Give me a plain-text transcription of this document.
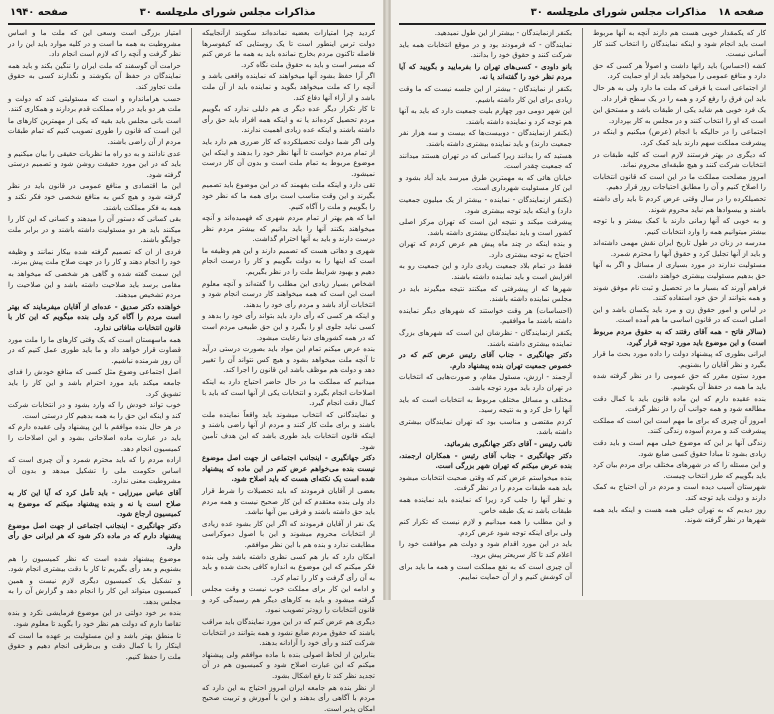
صفحه ۱۹۴۰	جلسه ۳۰
مذاکرات مجلس شورای ملی

کردید چرا امتیازات بعضیه نمانده‌اند سکوبند ازآنجاییکه دولت ترس اینطور است تا یک روستایی که کیفوسرها فاصله تاکنون مردم بخارج نمانده باید به همه ما عرض کنم که میسر است و باید به حقوق ملت نگاه کرد.

اگر آرا حفظ بشود آنها میخواهند که نماینده واقعی باشد و آنچه را که ملت میخواهد بگوید و نماینده باید از آن ملت باشد و از آراء آنها دفاع کند.

تا کار تکرار دیگر عده دیگر ی هم دلیلی ندارد که بگوییم مردم تحصیل کرده‌اند یا نه و اینکه همه افراد باید حق رأی داشته باشند و اینکه عده زیادی اهمیت ندارند.

ولی اگر شما دولت تحصیلکرده که کار ضرری هم دارد باید از تمام مردم خواست تا آنها نظر خود را بدهند و اینکه این موضوع مربوط به تمام ملت است و بدون آن کار درست نمیشود.

تقی دارد و اینکه ملت بفهمند که در این موضوع باید تصمیم بگیرند و این وقت مناسب است برای همه ما که نظر خود را بگوییم و ملت را آگاه کنیم.

اما که هم بهتر از تمام مردم شهری که فهمیده‌اند و آنچه میخواهند بکنند آنها را باید بدانیم که بیشتر مردم نظر درست دارند و باید به آنها احترام گذاشت.

شهری و دهاتی هست که تصمیم دارند و این هم وظیفه ما است که اینها را به دولت بگوییم و کار را درست انجام دهیم و بهبود شرایط ملت را در نظر بگیریم.

اشخاص بسیار زیادی این مطلب را گفته‌اند و آنچه معلوم است این است که همه میخواهند کار درست انجام شود و انتخابات آزاد باشد و مردم رأی خود را بدهند.

و اینکه هر کسی که رأی دارد باید بتواند رأی خود را بدهد و کسی نباید جلوی او را بگیرد و این حق طبیعی مردم است که در همه کشورهای دنیا رعایت میشود.

بنده عرض میکنم تمام این مواد باید بصورت درستی درآید تا آنچه ملت میخواهد بشود و هیچ کس نتواند آن را تغییر دهد و دولت هم موظف باشد این قانون را اجرا کند.

میدانیم که مملکت ما در حال حاضر احتیاج دارد به اینکه اصلاحات انجام بگیرد و انتخابات یکی از آنها است که باید با کمال دقت انجام گیرد.

و نمایندگانی که انتخاب میشوند باید واقعاً نماینده ملت باشند و برای ملت کار کنند و مردم از آنها راضی باشند و اینکه قانون انتخابات باید طوری باشد که این هدف تأمین شود.

دکتر جهانگیری - اینجانب اجتماعی از جهت اصل موضوع نیست بنده می‌خواهم عرض کنم در این ماده که پیشنهاد شده است یک نکته‌ای هست که باید اصلاح شود.

بعضی از آقایان فرمودند که باید تحصیلات را شرط قرار داد ولی بنده معتقدم که این کار صحیح نیست و همه مردم باید حق داشته باشند و فرقی بین آنها نباشد.

یک نفر از آقایان فرمودند که اگر این کار بشود عده زیادی از انتخابات محروم میشوند و این با اصول دموکراسی مطابقت ندارد و بنده هم با این نظر موافقم.

امکان دارد که باز هم کسی نظری داشته باشد ولی بنده فکر میکنم که این موضوع به اندازه کافی بحث شده و باید به آن رأی گرفت و کار را تمام کرد.

و ادامه این کار برای مملکت خوب نیست و وقت مجلس گرفته میشود و باید به کارهای دیگر هم رسیدگی کرد و قانون انتخابات را زودتر تصویب نمود.

دیگری هم عرض کنم که در این مورد نمایندگان باید مراقب باشند که حقوق مردم ضایع نشود و همه بتوانند در انتخابات شرکت کنند و رأی خود را آزادانه بدهند.

بنابراین از لحاظ اصولی بنده با ماده موافقم ولی پیشنهاد میکنم که این عبارت اصلاح شود و کمیسیون هم در آن تجدید نظر کند تا رفع اشکال بشود.

از نظر بنده هم جامعه ایران امروز احتیاج به این دارد که مردم با آگاهی رأی بدهند و این با آموزش و تربیت صحیح امکان پذیر است.

امتیاز بزرگی است وسعی این که ملت ما و اساس مشروطیت به همه ما است و در کلیه موارد باید این را در نظر گرفت و آنچه را که لازم است انجام داد.

حرامت آن گوسفند که ملت ایران را ننگین بکند و باید همه نمایندگان در حفظ آن بکوشند و نگذارند کسی به حقوق ملت تجاوز کند.

حسب هرامانداره و است که مسئولیتی کند که دولت و ملت هر دو باید در راه مملکت قدم بردارند و همکاری کنند.

است بانی مجلس باید بقیه که یکی از مهمترین کارهای ما این است که قانون را طوری تصویب کنیم که تمام طبقات مردم از آن راضی باشند.

عدی نادانند و به دو راه ما نظریات حقیقی را بیان میکنیم و باید که در این مورد حقیقت روشن شود و تصمیم درستی گرفته شود.

این ما اقتصادی و منافع عمومی در قانون باید در نظر گرفته شود و هیچ کس به منافع شخصی خود فکر نکند و همه به فکر مملکت باشند.

بقی کسانی که دستور آن را میدهند و کسانی که این کار را میکنند باید هر دو مسئولیت داشته باشند و در برابر ملت جوابگو باشند.

فردی از ان که تصمیم گرفته شده بیکار نمانند و وظیفه خود را انجام دهند و کار را در جهت صلاح ملت پیش ببرند.

این سمت گفته شده و گاهی هر شخصی که میخواهد به مقامی برسد باید صلاحیت داشته باشد و این صلاحیت را مردم تشخیص میدهند.

خواهنده دکتر صدیق - عده‌ای از آقایان میفرمایند که بهتر است مردم را آگاه کرد ولی بنده میگویم که این کار با قانون انتخابات منافاتی ندارد.

همه ماسهستان است که یک وقتی کارهای ما را ملت مورد قضاوت قرار خواهد داد و ما باید طوری عمل کنیم که در آن روز شرمنده نباشیم.

اصل اجتماعی وضوع مثل کسی که منافع خودش را فدای جامعه میکند باید مورد احترام باشد و این کار را باید تشویق کرد.

خوب تواند خودش را که وارد بشود و در انتخابات شرکت کند و اینکه این حق را به همه بدهیم کار درستی است.

در هر حال بنده موافقم با این پیشنهاد ولی عقیده دارم که باید در عبارت ماده اصلاحاتی بشود و این اصلاحات را کمیسیون انجام دهد.

اراده مردم را که باید محترم شمرد و آن چیزی است که اساس حکومت ملی را تشکیل میدهد و بدون آن مشروطیت معنی ندارد.

آقای عباس میرزایی - باید تأمل کرد که آیا این کار به صلاح است یا نه و بنده پیشنهاد میکنم که موضوع به کمیسیون ارجاع شود.

دکتر جهانگیری - اینجانب اجتماعی از جهت اصل موضوع پیشنهاد دارم که در ماده ذکر شود که هر ایرانی حق رأی دارد.

موضوع پیشنهاد شده است که نظر کمیسیون را هم بشنویم و بعد رأی بگیریم تا کار با دقت بیشتری انجام شود.

و تشکیل یک کمیسیون دیگری لازم نیست و همین کمیسیون میتواند این کار را انجام دهد و گزارش آن را به مجلس بدهد.

بنده بر خود دولتی در این موضوع فرمایشی نکرد و بنده تقاضا دارم که دولت هم نظر خود را بگوید تا معلوم شود.

تا منطق بهتر باشد و این مسئولیت بر عهده ما است که اینکار را با کمال دقت و بی‌طرفی انجام دهیم و حقوق ملت را حفظ کنیم.

صفحه ۱۸
جلسه ۳۰
مذاکرات مجلس شورای ملی

کار که یکمقدار خوبی هست هم دارند آنچه به آنها مربوط است باید انجام شود و اینکه نمایندگان را انتخاب کنند کار آسانی نیست.

کشه (احساس) باید رانها داشت و اصولاً هر کسی که حق دارد و منافع عمومی را میخواهد باید از او حمایت کرد.

از اجتماعی است یا فرقی که ملت ما دارد ولی به هر حال باید این فرق را رفع کرد و همه را در یک سطح قرار داد.

یک فرد خوبی هم شاید یکی از طبقات باشد و مستحق این است که او را انتخاب کنند و در مجلس به کار بپردازد.

اجتماعی را در حالیکه با انجام (عرض) میکنیم و اینکه در پیشرفت مملکت سهم دارند باید کمک کرد.

که دیگری در بهتر فرستند لازم است که کلیه طبقات در انتخابات شرکت کنند و هیچ طبقه‌ای محروم نماند.

امروز مصلحت مملکت ما در این است که قانون انتخابات را اصلاح کنیم و آن را مطابق احتیاجات روز قرار دهیم.

تحصیلکرده را در سال وقتی عرض کردم تا باید رأی داشته باشند و بیسوادها هم نباید محروم شوند.

و به خوبی که آنها زمانی دارند با کمک بیشتر و با توجه بیشتر میتوانیم همه را وارد انتخابات کنیم.

مدرسه در زنان در طول تاریخ ایران نقش مهمی داشته‌اند و باید از آنها تجلیل کرد و حقوق آنها را محترم شمرد.

مسئولیت ندارند در مورد بسیاری از مسائل و اگر به آنها حق بدهیم مسئولیت بیشتری خواهند داشت.

فراهم آورند که بسیار ما در تحصیل و ثبت نام موفق شوند و همه بتوانند از حق خود استفاده کنند.

در لباس و امور حقوق زن و مرد باید یکسان باشد و این اصلی است که در قانون اساسی ما هم آمده است.

(سالار فاتح - همه آقای رفتند که به حقوق مردم مربوط است) و این موضوع باید مورد توجه قرار گیرد.

ایرانی بطوری که پیشنهاد دولت را داده مورد بحث ما قرار بگیرد و نظر آقایان را بشنویم.

مورد ستون مقرر که حق عمومی را در نظر گرفته شده باید ما همه در حفظ آن بکوشیم.

بنده عقیده دارم که این ماده قانون باید با کمال دقت مطالعه شود و همه جوانب آن را در نظر گرفت.

امروز آن چیزی که برای ما مهم است این است که مملکت پیشرفت کند و مردم آسوده زندگی کنند.

زندگی آنها بر این که موضوع خیلی مهم است و باید دقت زیادی بشود تا مبادا حقوق کسی ضایع شود.

و این مسئله را که در شهرهای مختلف برای مردم بیان کرد باید بگوییم که طرز انتخاب چیست.

شهرستان آسیب دیده است و مردم در آن احتیاج به کمک دارند و دولت باید توجه کند.

روز دیدیم که به تهران خیلی همه هست و اینکه باید همه شهرها در نظر گرفته شوند.

بکنفر ازنمایندگان - بیشتر از این طول نمیدهید.

نمایندگان - که فرمودند بود و در موقع انتخابات همه باید شرکت کنند و حقوق خود را بدانند.

بانو داودی - کسی‌های تهران را بفرمایید و بگویید که آیا مردم نظر خود را گفته‌اند یا نه.

بکنفر از نمایندگان - بیشتر از این جلسه نیست که ما وقت زیادی برای این کار داشته باشیم.

این شهر دومی دور چهارم بلیت جمعیت دارد که باید به آنها هم توجه کرد و نماینده داشته باشند.

(بکنفر ازنمایندگان - دوبیست‌ها که بیست و سه هزار نفر جمعیت دارند) و باید نماینده بیشتری داشته باشند.

هستید که را بدانند زیرا کسانی که در تهران هستند میدانند که جمعیت چقدر است.

خیابان هائی که به مهمترین طرق میرسد باید آباد بشود و این کار مسئولیت شهرداری است.

(بکنفر ازنمایندگان - نماینده - بیشتر از یک میلیون جمعیت دارد) و اینکه باید توجه بیشتری شود.

پیشرفت میکند و نتیجه این است که تهران مرکز اصلی کشور است و باید نمایندگان بیشتری داشته باشد.

و بنده اینکه در چند ماه پیش هم عرض کردم که تهران احتیاج به توجه بیشتری دارد.

فقط در تمام بلاد جمعیت زیادی دارد و این جمعیت رو به افزایش است و باید نماینده داشته باشند.

شهرها که از پیشرفتی که میکنند نتیجه میگیرند باید در مجلس نماینده داشته باشند.

(احساسات) هر وقت خواستند که شهرهای دیگر نماینده داشته باشند ما موافقیم.

یکنفر ازنمایندگان - نظرشان این است که شهرهای بزرگ نماینده بیشتری داشته باشند.

دکتر جهانگیری - جناب آقای رئیس عرض کنم که در خصوص جمعیت تهران بنده پیشنهاد دارم.

آرجمند - ارزش، مسئول مقام، و صورت‌هایی که انتخابات در تهران دارد باید مورد توجه باشد.

مختلف و مسائل مختلف مربوط به انتخابات است که باید آنها را حل کرد و به نتیجه رسید.

کردم مقتضی و مناسب بود که تهران نمایندگان بیشتری داشته باشد.

نائب رئیس - آقای دکتر جهانگیری بفرمائید.

دکتر جهانگیری - جناب آقای رئیس - همکاران ارجمند، بنده عرض میکنم که تهران شهر بزرگی است.

بنده میخواستم عرض کنم که وقتی صحبت انتخابات میشود باید همه طبقات مردم را در نظر گرفت.

و نظر آنها را جلب کرد زیرا که نماینده باید نماینده همه طبقات باشد نه یک طبقه خاص.

و این مطلب را همه میدانیم و لازم نیست که تکرار کنم ولی برای اینکه توجه شود عرض کردم.

باید در این مورد اقدام شود و دولت هم موافقت خود را اعلام کند تا کار سریعتر پیش برود.

آن چیزی است که به نفع مملکت است و همه ما باید برای آن کوشش کنیم و از آن حمایت نماییم.
